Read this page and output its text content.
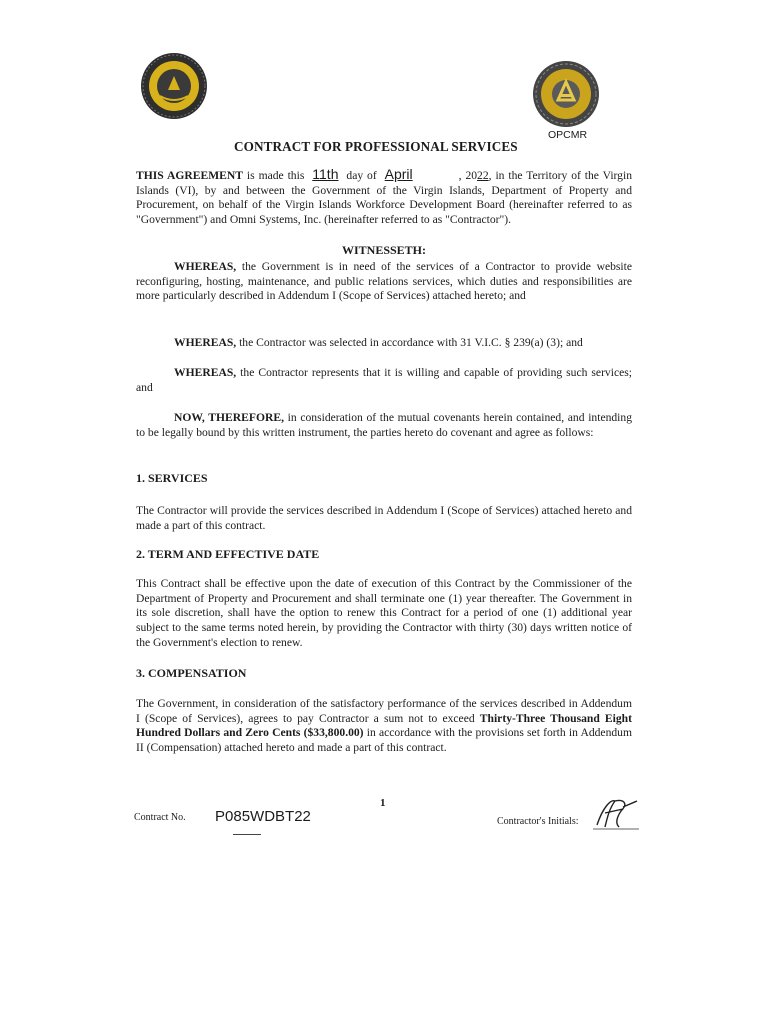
OPCMR
CONTRACT FOR PROFESSIONAL SERVICES
THIS AGREEMENT is made this 11th day of April	, 2022, in the Territory of the Virgin Islands (VI), by and between the Government of the Virgin Islands, Department of Property and Procurement, on behalf of the Virgin Islands Workforce Development Board (hereinafter referred to as "Government") and Omni Systems, Inc. (hereinafter referred to as "Contractor").
WITNESSETH:
WHEREAS, the Government is in need of the services of a Contractor to provide website reconfiguring, hosting, maintenance, and public relations services, which duties and responsibilities are more particularly described in Addendum I (Scope of Services) attached hereto; and
WHEREAS, the Contractor was selected in accordance with 31 V.I.C. § 239(a) (3); and
WHEREAS, the Contractor represents that it is willing and capable of providing such services; and
NOW, THEREFORE, in consideration of the mutual covenants herein contained, and intending to be legally bound by this written instrument, the parties hereto do covenant and agree as follows:
1. SERVICES
The Contractor will provide the services described in Addendum I (Scope of Services) attached hereto and made a part of this contract.
2. TERM AND EFFECTIVE DATE
This Contract shall be effective upon the date of execution of this Contract by the Commissioner of the Department of Property and Procurement and shall terminate one (1) year thereafter. The Government in its sole discretion, shall have the option to renew this Contract for a period of one (1) additional year subject to the same terms noted herein, by providing the Contractor with thirty (30) days written notice of the Government's election to renew.
3. COMPENSATION
The Government, in consideration of the satisfactory performance of the services described in Addendum I (Scope of Services), agrees to pay Contractor a sum not to exceed Thirty-Three Thousand Eight Hundred Dollars and Zero Cents ($33,800.00) in accordance with the provisions set forth in Addendum II (Compensation) attached hereto and made a part of this contract.
Contract No. P085WDBT22
1
Contractor's Initials:
